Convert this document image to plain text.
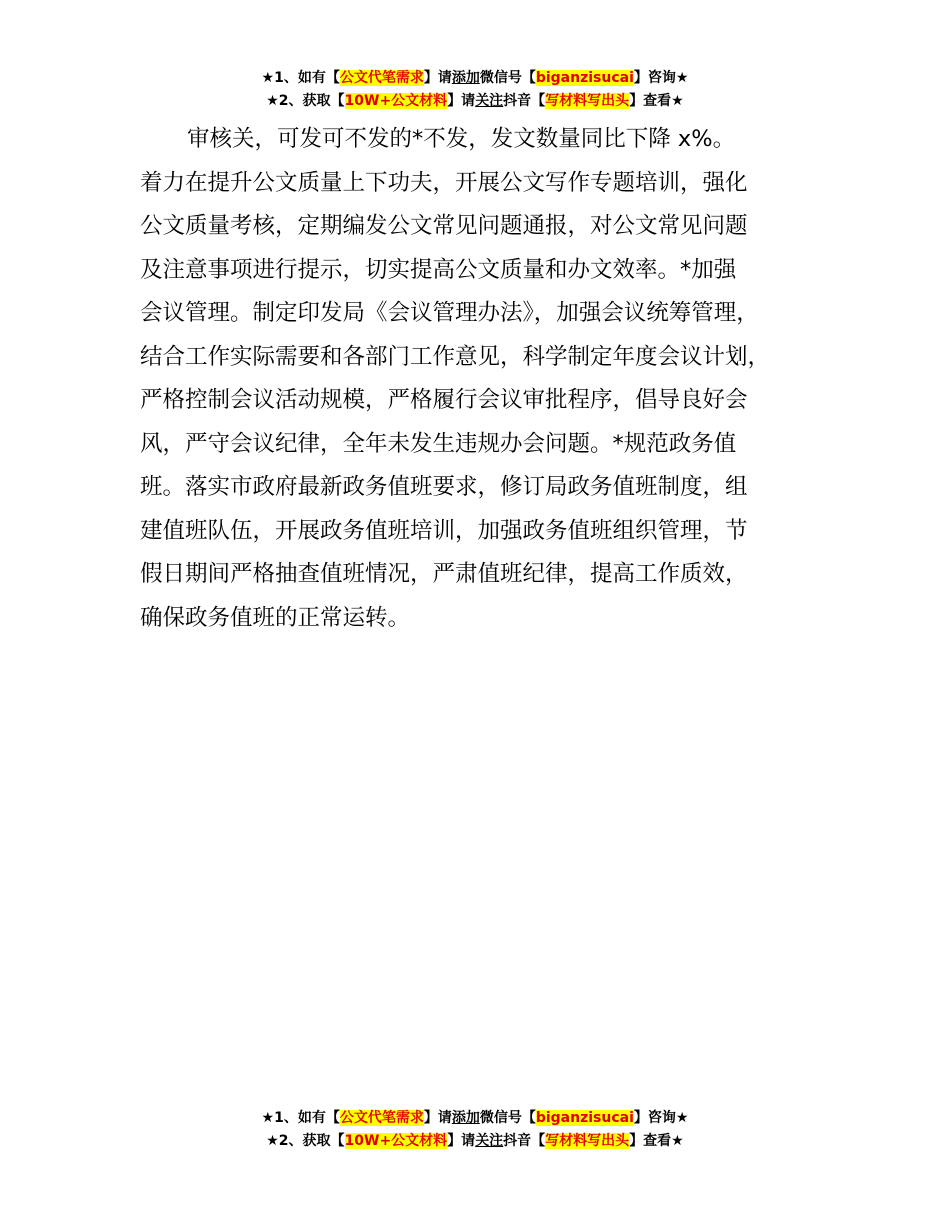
★1、如有【公文代笔需求】请添加微信号【biganzisucai】咨询★
★2、获取【10W+公文材料】请关注抖音【写材料写出头】查看★
审核关，可发可不发的*不发，发文数量同比下降 x%。
着力在提升公文质量上下功夫，开展公文写作专题培训，强化
公文质量考核，定期编发公文常见问题通报，对公文常见问题
及注意事项进行提示，切实提高公文质量和办文效率。*加强
会议管理。制定印发局《会议管理办法》，加强会议统筹管理，
结合工作实际需要和各部门工作意见，科学制定年度会议计划，
严格控制会议活动规模，严格履行会议审批程序，倡导良好会
风，严守会议纪律，全年未发生违规办会问题。*规范政务值
班。落实市政府最新政务值班要求，修订局政务值班制度，组
建值班队伍，开展政务值班培训，加强政务值班组织管理，节
假日期间严格抽查值班情况，严肃值班纪律，提高工作质效，
确保政务值班的正常运转。
★1、如有【公文代笔需求】请添加微信号【biganzisucai】咨询★
★2、获取【10W+公文材料】请关注抖音【写材料写出头】查看★
